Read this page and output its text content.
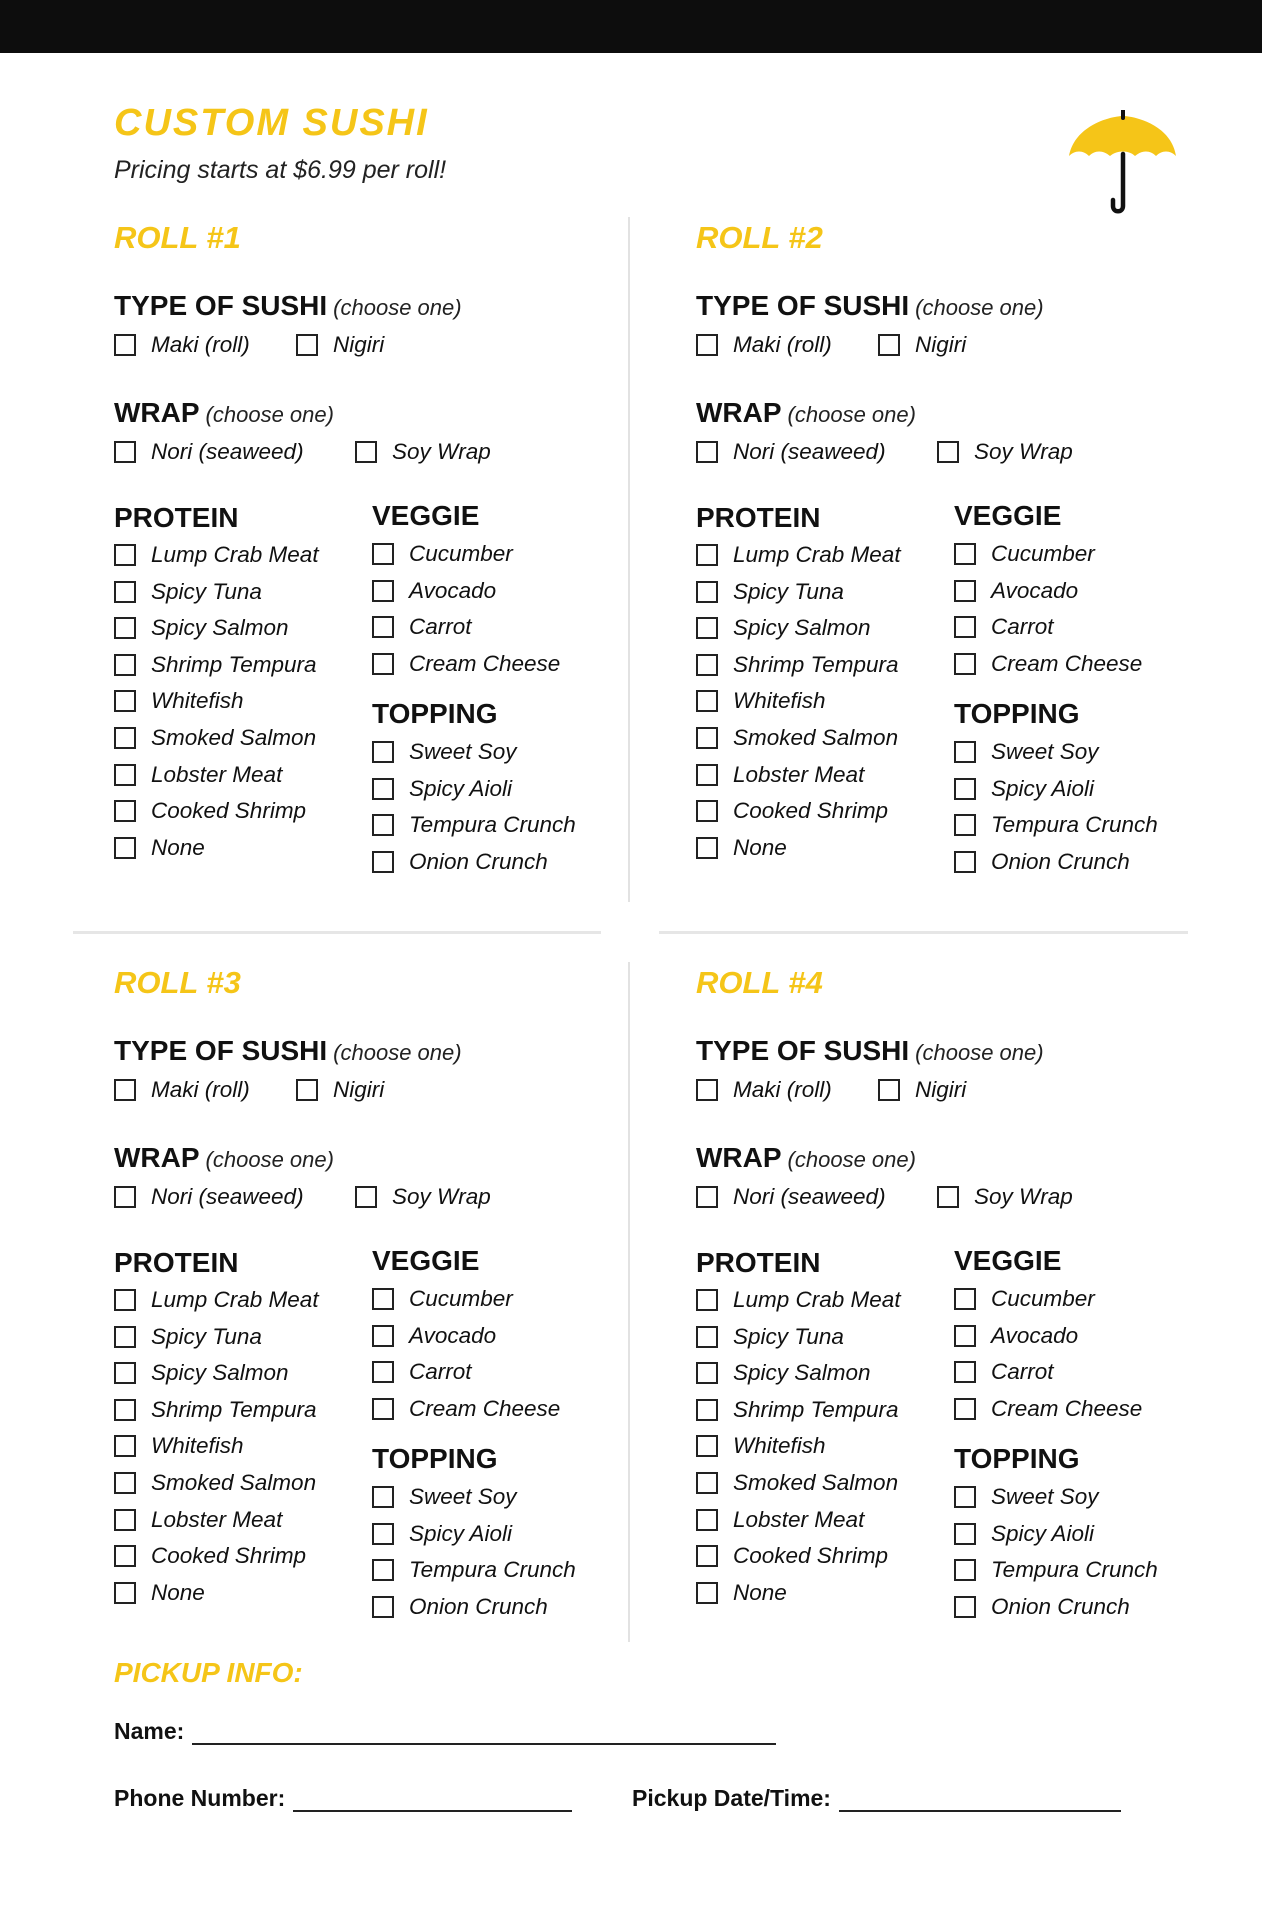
CUSTOM SUSHI
Pricing starts at $6.99 per roll!
ROLL #1
TYPE OF SUSHI (choose one)
Maki (roll)	Nigiri
WRAP (choose one)
Nori (seaweed)	Soy Wrap
PROTEIN
Lump Crab Meat
Spicy Tuna
Spicy Salmon
Shrimp Tempura
Whitefish
Smoked Salmon
Lobster Meat
Cooked Shrimp
None
VEGGIE
Cucumber
Avocado
Carrot
Cream Cheese
TOPPING
Sweet Soy
Spicy Aioli
Tempura Crunch
Onion Crunch
ROLL #2
TYPE OF SUSHI (choose one)
Maki (roll)	Nigiri
WRAP (choose one)
Nori (seaweed)	Soy Wrap
PROTEIN
Lump Crab Meat
Spicy Tuna
Spicy Salmon
Shrimp Tempura
Whitefish
Smoked Salmon
Lobster Meat
Cooked Shrimp
None
VEGGIE
Cucumber
Avocado
Carrot
Cream Cheese
TOPPING
Sweet Soy
Spicy Aioli
Tempura Crunch
Onion Crunch
ROLL #3
TYPE OF SUSHI (choose one)
Maki (roll)	Nigiri
WRAP (choose one)
Nori (seaweed)	Soy Wrap
PROTEIN
Lump Crab Meat
Spicy Tuna
Spicy Salmon
Shrimp Tempura
Whitefish
Smoked Salmon
Lobster Meat
Cooked Shrimp
None
VEGGIE
Cucumber
Avocado
Carrot
Cream Cheese
TOPPING
Sweet Soy
Spicy Aioli
Tempura Crunch
Onion Crunch
ROLL #4
TYPE OF SUSHI (choose one)
Maki (roll)	Nigiri
WRAP (choose one)
Nori (seaweed)	Soy Wrap
PROTEIN
Lump Crab Meat
Spicy Tuna
Spicy Salmon
Shrimp Tempura
Whitefish
Smoked Salmon
Lobster Meat
Cooked Shrimp
None
VEGGIE
Cucumber
Avocado
Carrot
Cream Cheese
TOPPING
Sweet Soy
Spicy Aioli
Tempura Crunch
Onion Crunch
PICKUP INFO:
Name:
Phone Number:	Pickup Date/Time:
